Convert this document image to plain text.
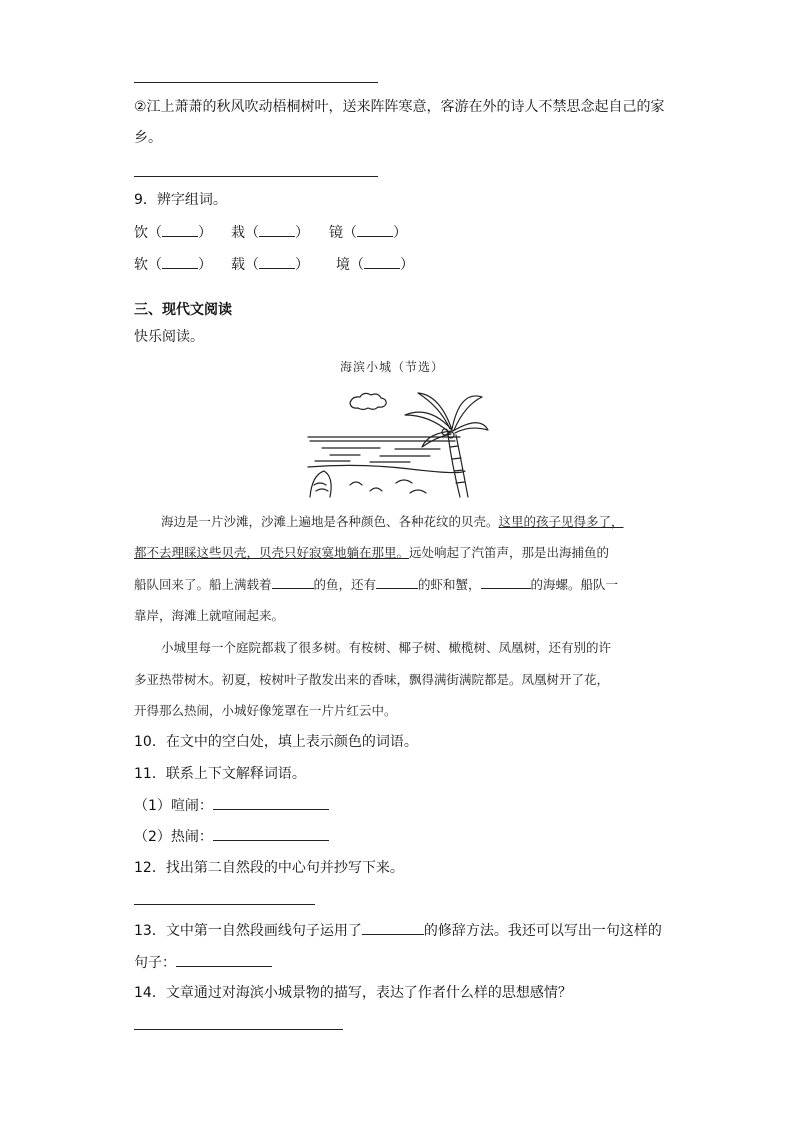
②江上萧萧的秋风吹动梧桐树叶，送来阵阵寒意，客游在外的诗人不禁思念起自己的家
乡。
9．辨字组词。
饮（	） 栽（	） 镜（	）
软（	） 载（	） 境（	）
三、现代文阅读
快乐阅读。
海滨小城（节选）
海边是一片沙滩，沙滩上遍地是各种颜色、各种花纹的贝壳。这里的孩子见得多了，
都不去理睬这些贝壳，贝壳只好寂寞地躺在那里。远处响起了汽笛声，那是出海捕鱼的
船队回来了。船上满载着	的鱼，还有	的虾和蟹，	的海螺。船队一
靠岸，海滩上就喧闹起来。
小城里每一个庭院都栽了很多树。有桉树、椰子树、橄榄树、凤凰树，还有别的许
多亚热带树木。初夏，桉树叶子散发出来的香味，飘得满街满院都是。凤凰树开了花，
开得那么热闹，小城好像笼罩在一片片红云中。
10．在文中的空白处，填上表示颜色的词语。
11．联系上下文解释词语。
（1）喧闹：
（2）热闹：
12．找出第二自然段的中心句并抄写下来。
13．文中第一自然段画线句子运用了	的修辞方法。我还可以写出一句这样的
句子：
14．文章通过对海滨小城景物的描写，表达了作者什么样的思想感情？
